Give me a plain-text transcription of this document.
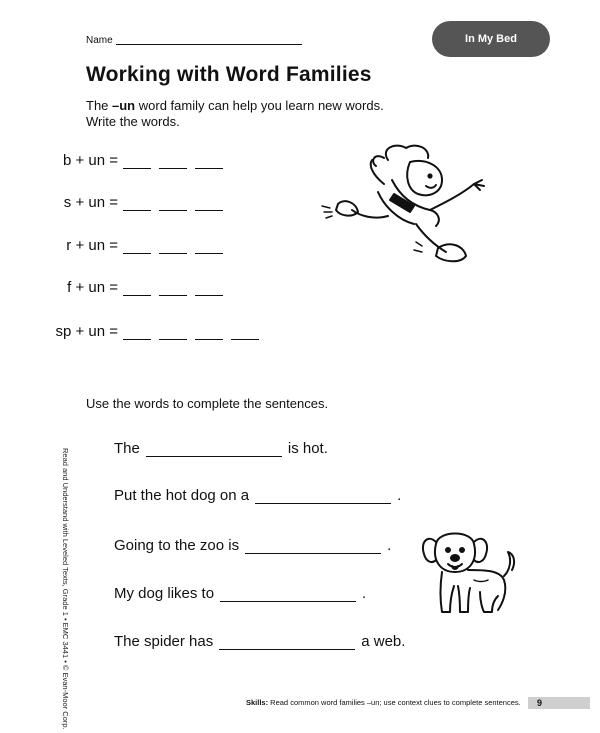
Name	In My Bed
Working with Word Families
The –un word family can help you learn new words.
Write the words.
b + un =
s + un =
r + un =
f + un =
sp + un =
Use the words to complete the sentences.
The	is hot.
Put the hot dog on a	.
Going to the zoo is	.
My dog likes to	.
The spider has	a web.
Read and Understand with Leveled Texts, Grade 1 • EMC 3441 • © Evan-Moor Corp.	Skills: Read common word families –un; use context clues to complete sentences. 9
